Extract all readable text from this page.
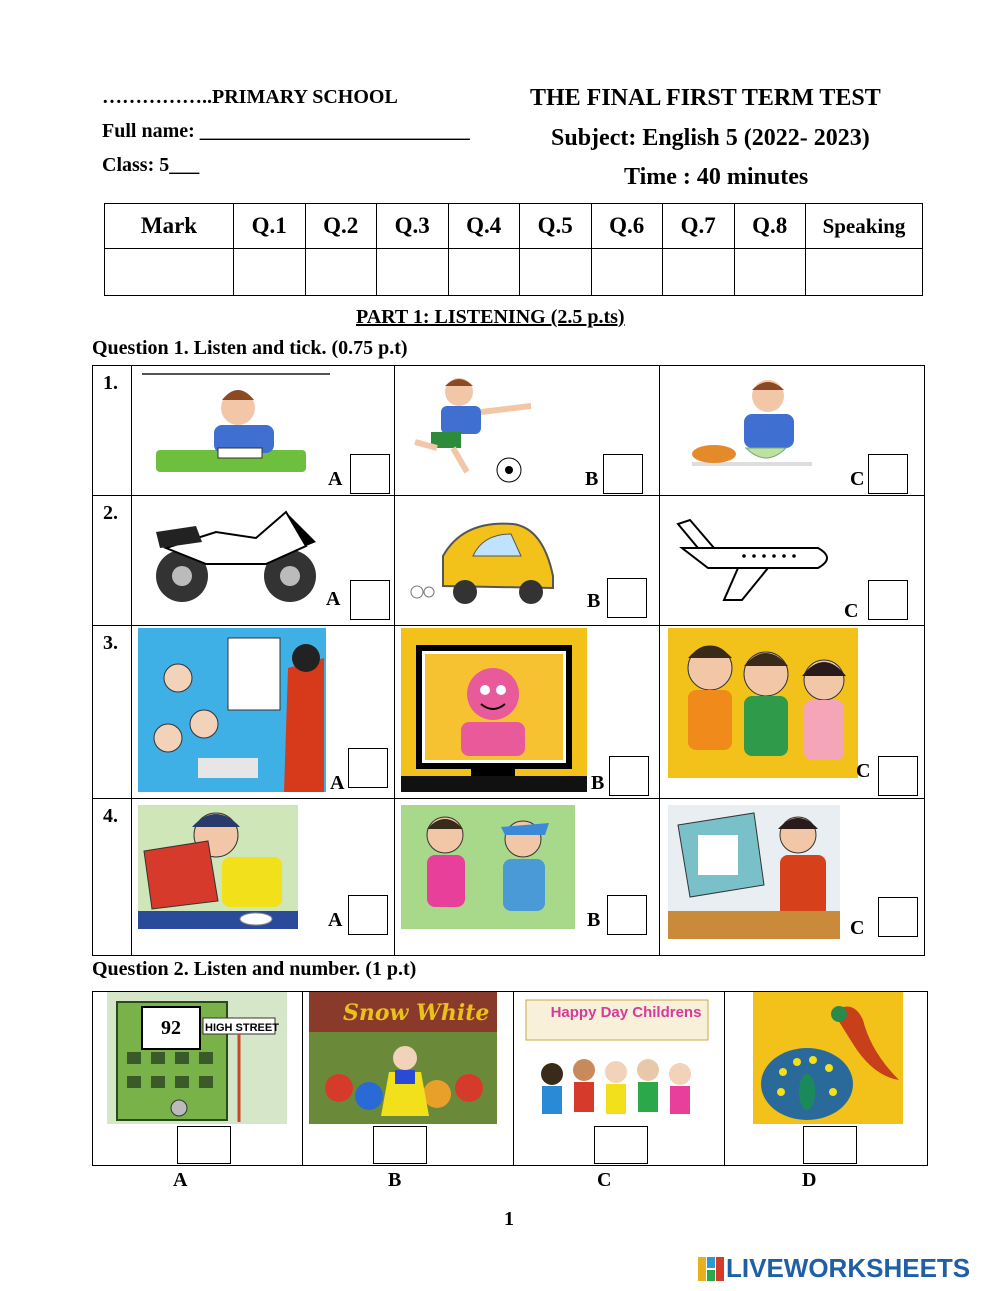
……………..PRIMARY SCHOOL
Full name: ___________________________
Class: 5___
THE FINAL FIRST TERM TEST
Subject: English 5 (2022- 2023)
Time : 40 minutes
Mark	Q.1	Q.2	Q.3	Q.4	Q.5	Q.6	Q.7	Q.8	Speaking

PART 1: LISTENING (2.5 p.ts)
Question 1. Listen and tick. (0.75 p.t)
1.	A	B	C

2.	A	B	C

3.	A	B	C

4.	A	B	C
Question 2. Listen and number. (1 p.t)
92	HIGH STREET

Snow White	Happy Day Childrens

A	B	C	D
1
LIVEWORKSHEETS
